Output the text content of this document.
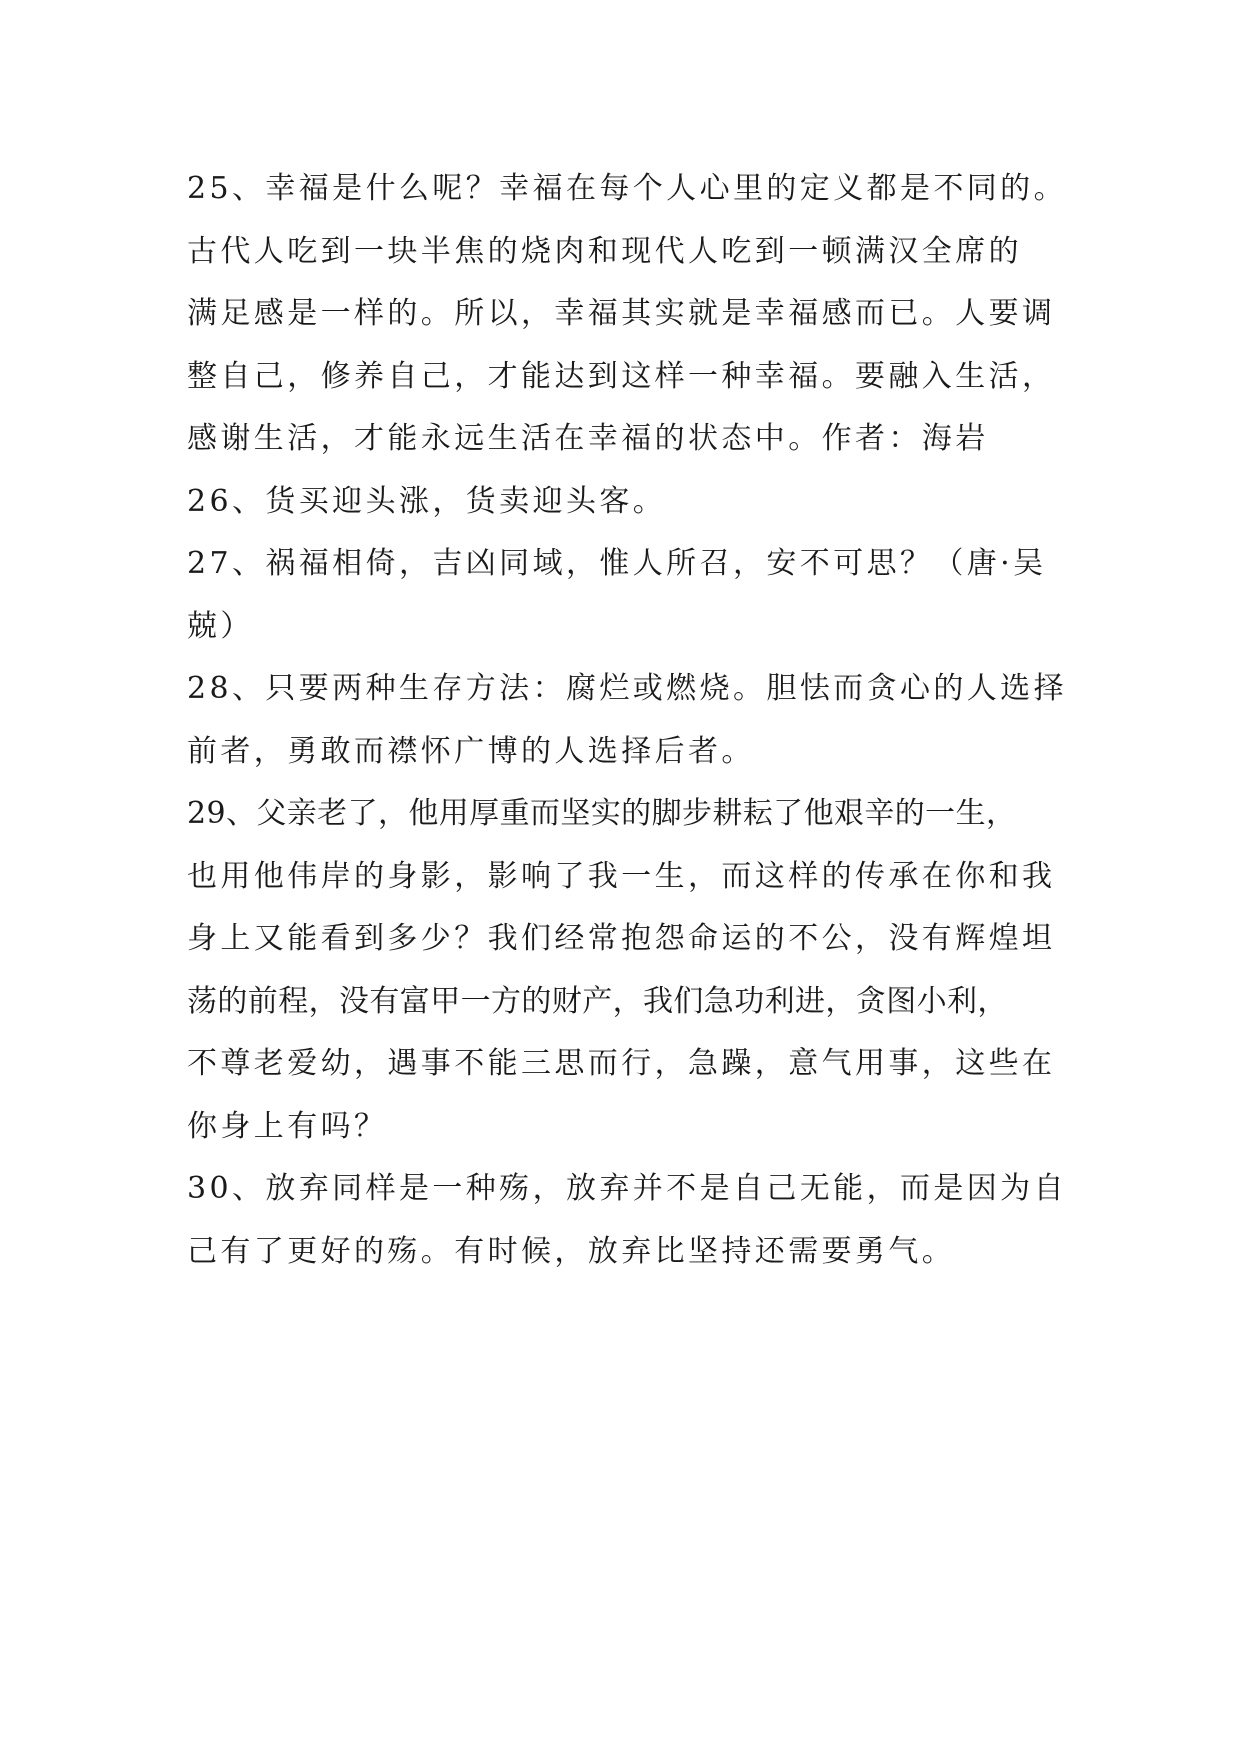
25、幸福是什么呢？幸福在每个人心里的定义都是不同的。
古代人吃到一块半焦的烧肉和现代人吃到一顿满汉全席的
满足感是一样的。所以，幸福其实就是幸福感而已。人要调
整自己，修养自己，才能达到这样一种幸福。要融入生活，
感谢生活，才能永远生活在幸福的状态中。作者：海岩
26、货买迎头涨，货卖迎头客。
27、祸福相倚，吉凶同域，惟人所召，安不可思？（唐·吴
兢）
28、只要两种生存方法：腐烂或燃烧。胆怯而贪心的人选择
前者，勇敢而襟怀广博的人选择后者。
29、父亲老了，他用厚重而坚实的脚步耕耘了他艰辛的一生，
也用他伟岸的身影，影响了我一生，而这样的传承在你和我
身上又能看到多少？我们经常抱怨命运的不公，没有辉煌坦
荡的前程，没有富甲一方的财产，我们急功利进，贪图小利，
不尊老爱幼，遇事不能三思而行，急躁，意气用事，这些在
你身上有吗？
30、放弃同样是一种殇，放弃并不是自己无能，而是因为自
己有了更好的殇。有时候，放弃比坚持还需要勇气。
